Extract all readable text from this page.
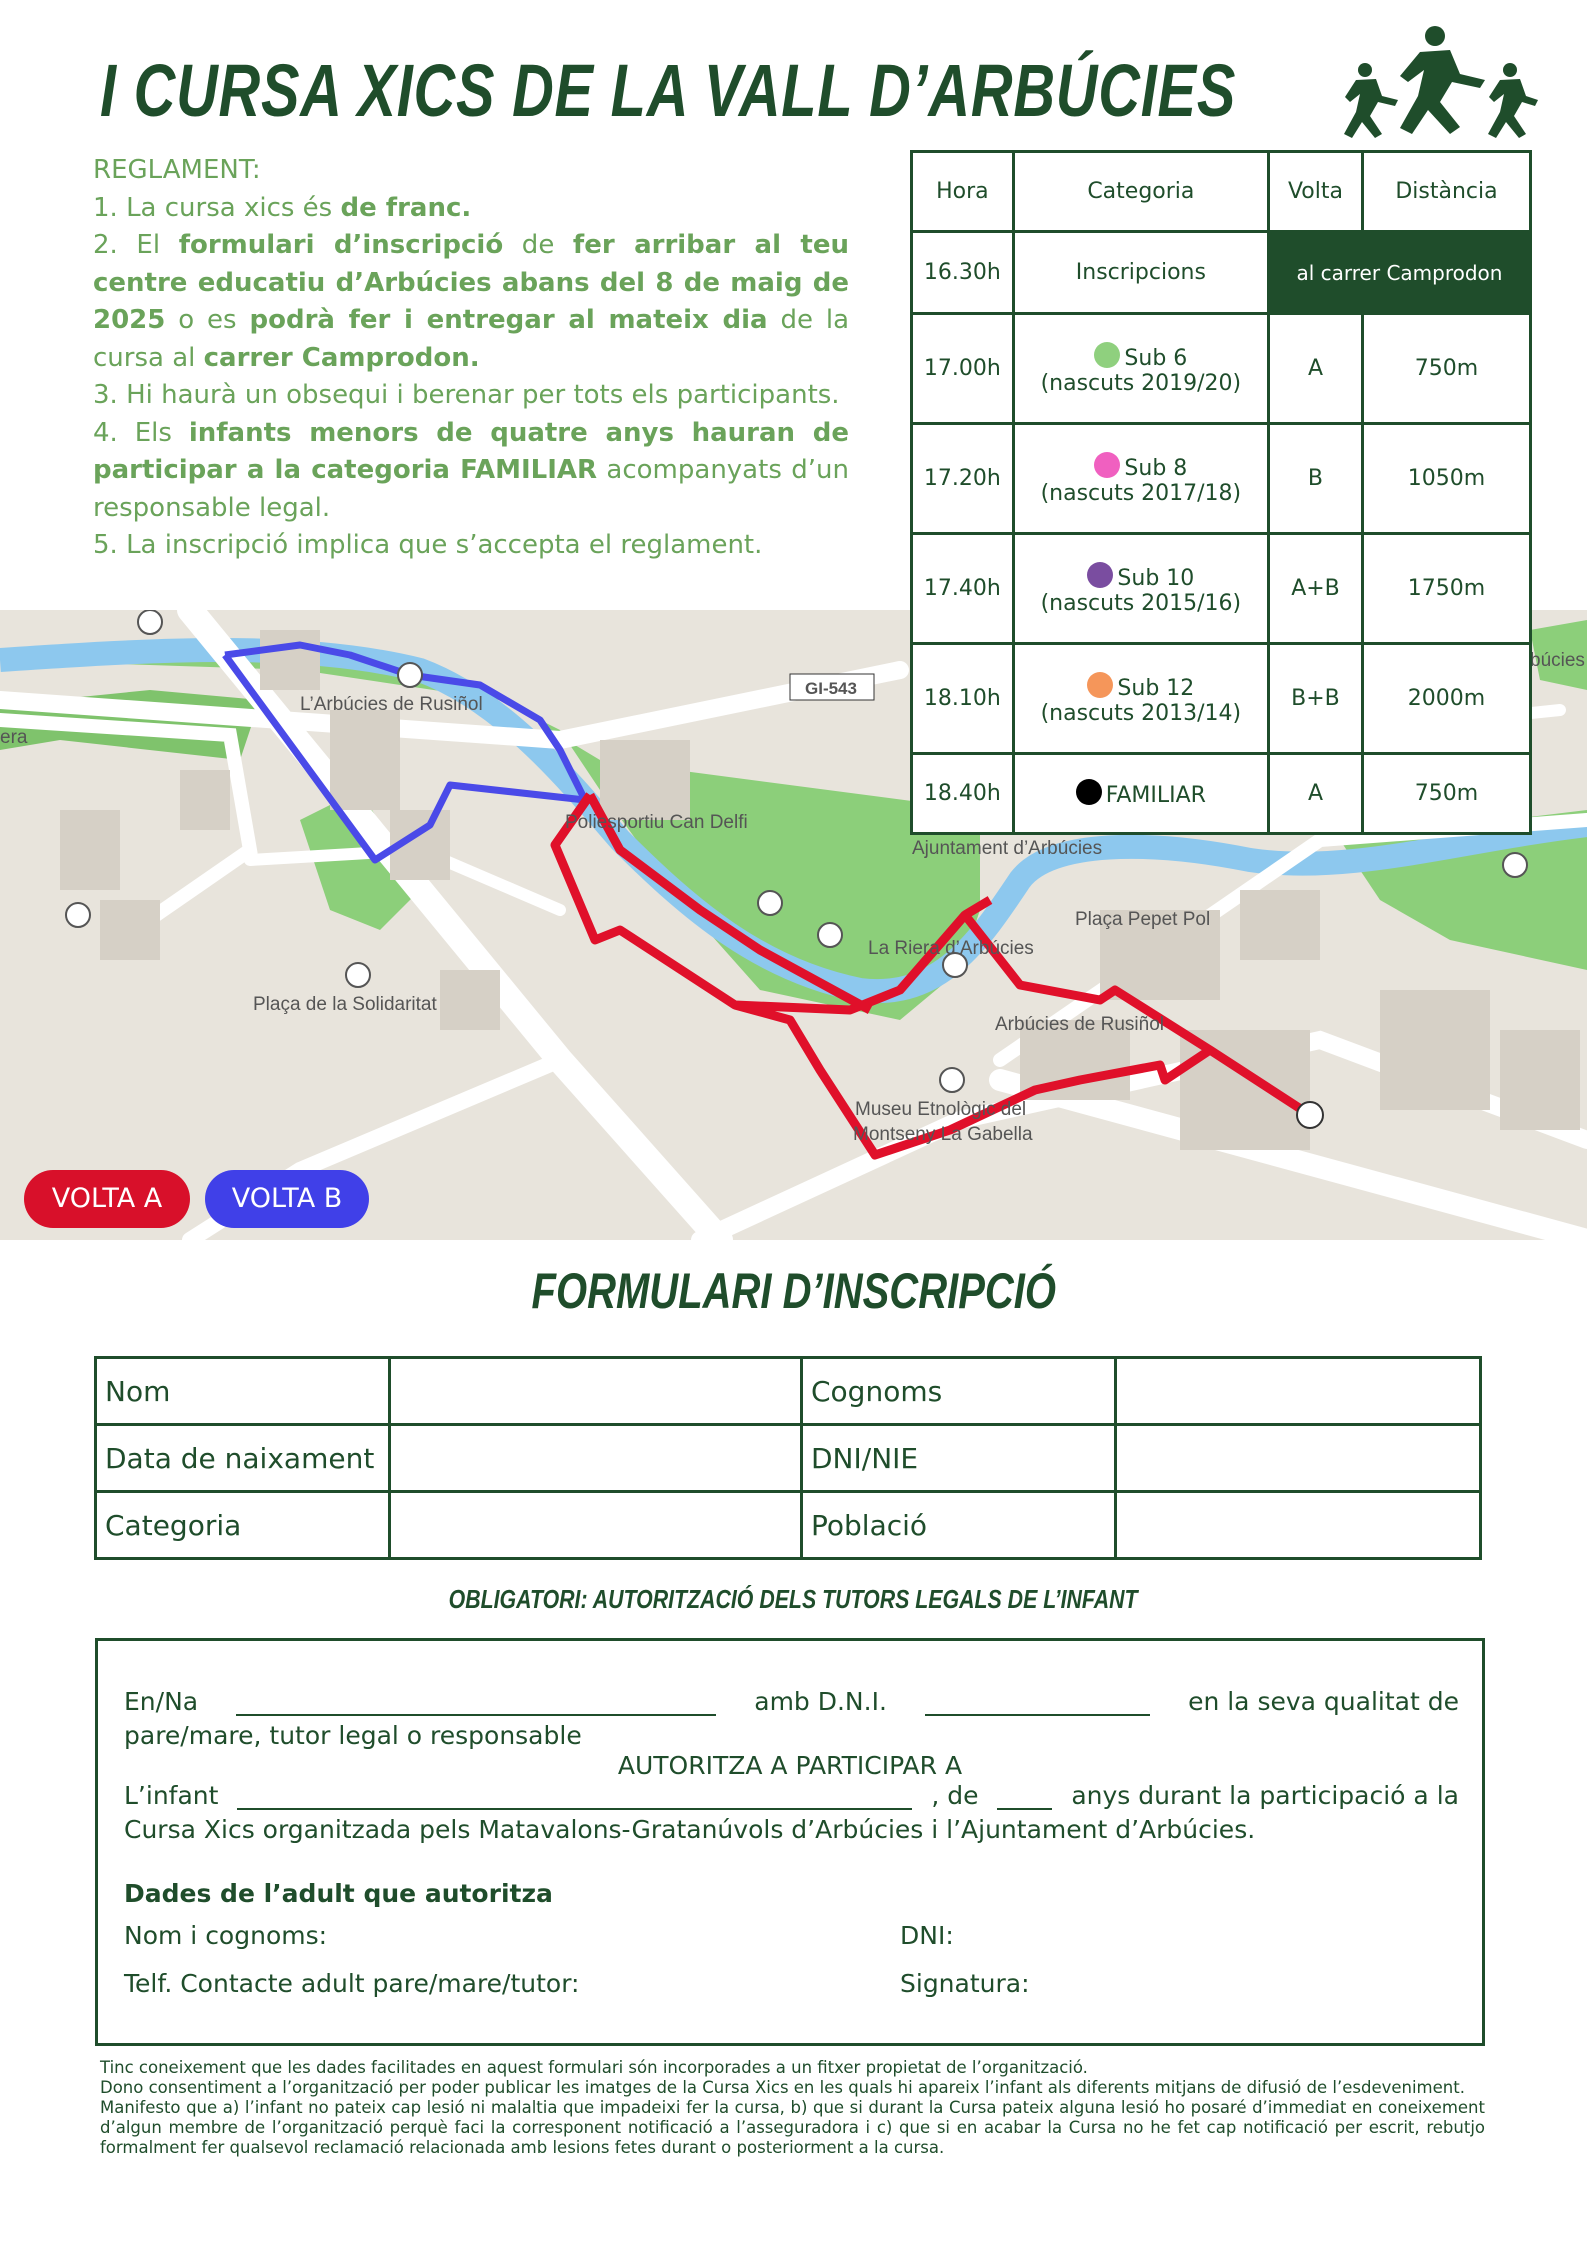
I CURSA XICS DE LA VALL D’ARBÚCIES
REGLAMENT:
1. La cursa xics és de franc.
2. El formulari d’inscripció de fer arribar al teu centre educatiu d’Arbúcies abans del 8 de maig de 2025 o es podrà fer i entregar al mateix dia de la cursa al carrer Camprodon.
3. Hi haurà un obsequi i berenar per tots els participants.
4. Els infants menors de quatre anys hauran de participar a la categoria FAMILIAR acompanyats d’un responsable legal.
5. La inscripció implica que s’accepta el reglament.
L’Arbúcies de Rusiñol
GI-543
Poliesportiu Can Delfi
Ajuntament d’Arbúcies
Plaça Pepet Pol
La Riera d’Arbúcies
Arbúcies de Rusiñol
Plaça de la Solidaritat
Museu Etnològic del
Montseny La Gabella
era
búcies
Hora	Categoria	Volta	Distància
16.30h	Inscripcions	al carrer Camprodon	
17.00h	Sub 6
(nascuts 2019/20)	A	750m
17.20h	Sub 8
(nascuts 2017/18)	B	1050m
17.40h	Sub 10
(nascuts 2015/16)	A+B	1750m
18.10h	Sub 12
(nascuts 2013/14)	B+B	2000m
18.40h	FAMILIAR	A	750m
VOLTA A	VOLTA B
FORMULARI D’INSCRIPCIÓ
Nom		Cognoms	
Data de naixament		DNI/NIE	
Categoria		Població	
OBLIGATORI: AUTORITZACIÓ DELS TUTORS LEGALS DE L’INFANT
En/Na	amb D.N.I.	en la seva qualitat de
pare/mare, tutor legal o responsable
AUTORITZA A PARTICIPAR A
L’infant	, de	anys durant la participació a la
Cursa Xics organitzada pels Matavalons-Gratanúvols d’Arbúcies i l’Ajuntament d’Arbúcies.
Dades de l’adult que autoritza
Nom i cognoms:	DNI:
Telf. Contacte adult pare/mare/tutor:	Signatura:

Tinc coneixement que les dades facilitades en aquest formulari són incorporades a un fitxer propietat de l’organització.

Dono consentiment a l’organització per poder publicar les imatges de la Cursa Xics en les quals hi apareix l’infant als diferents mitjans de difusió de l’esdeveniment.

Manifesto que a) l’infant no pateix cap lesió ni malaltia que impadeixi fer la cursa, b) que si durant la Cursa pateix alguna lesió ho posaré d’immediat en coneixement d’algun membre de l’organització perquè faci la corresponent notificació a l’asseguradora i c) que si en acabar la Cursa no he fet cap notificació per escrit, rebutjo formalment fer qualsevol reclamació relacionada amb lesions fetes durant o posteriorment a la cursa.
